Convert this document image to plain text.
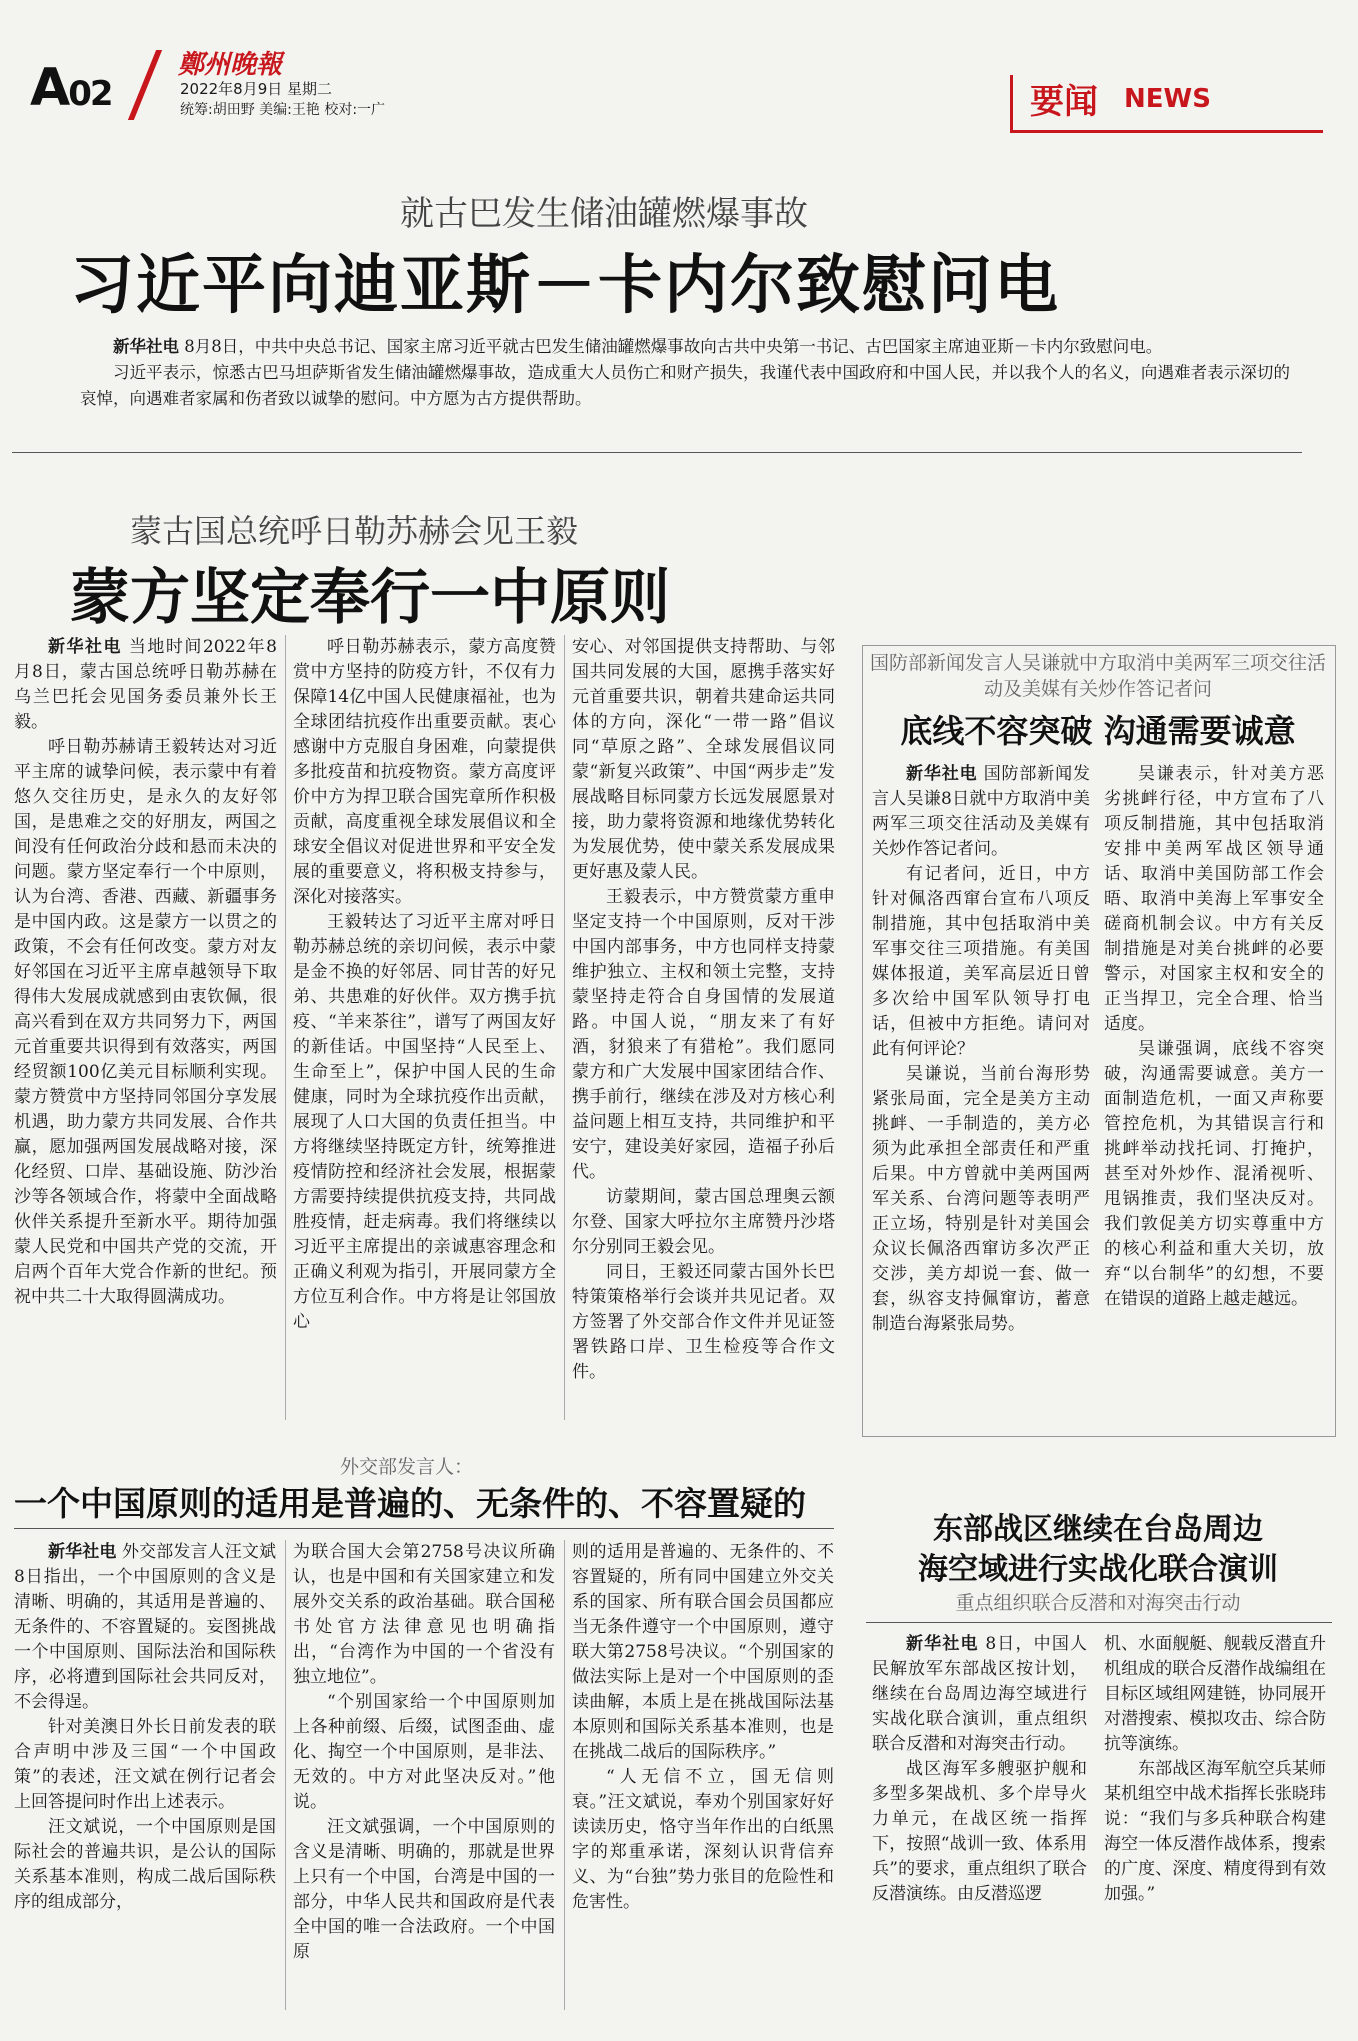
A02
鄭州晚報
2022年8月9日 星期二
统筹:胡田野 美编:王艳 校对:一广	要闻 NEWS
就古巴发生储油罐燃爆事故
习近平向迪亚斯－卡内尔致慰问电

新华社电 8月8日，中共中央总书记、国家主席习近平就古巴发生储油罐燃爆事故向古共中央第一书记、古巴国家主席迪亚斯－卡内尔致慰问电。

习近平表示，惊悉古巴马坦萨斯省发生储油罐燃爆事故，造成重大人员伤亡和财产损失，我谨代表中国政府和中国人民，并以我个人的名义，向遇难者表示深切的哀悼，向遇难者家属和伤者致以诚挚的慰问。中方愿为古方提供帮助。

蒙古国总统呼日勒苏赫会见王毅
蒙方坚定奉行一中原则

新华社电 当地时间2022年8月8日，蒙古国总统呼日勒苏赫在乌兰巴托会见国务委员兼外长王毅。

呼日勒苏赫请王毅转达对习近平主席的诚挚问候，表示蒙中有着悠久交往历史，是永久的友好邻国，是患难之交的好朋友，两国之间没有任何政治分歧和悬而未决的问题。蒙方坚定奉行一个中原则，认为台湾、香港、西藏、新疆事务是中国内政。这是蒙方一以贯之的政策，不会有任何改变。蒙方对友好邻国在习近平主席卓越领导下取得伟大发展成就感到由衷钦佩，很高兴看到在双方共同努力下，两国元首重要共识得到有效落实，两国经贸额100亿美元目标顺利实现。蒙方赞赏中方坚持同邻国分享发展机遇，助力蒙方共同发展、合作共赢，愿加强两国发展战略对接，深化经贸、口岸、基础设施、防沙治沙等各领域合作，将蒙中全面战略伙伴关系提升至新水平。期待加强蒙人民党和中国共产党的交流，开启两个百年大党合作新的世纪。预祝中共二十大取得圆满成功。

呼日勒苏赫表示，蒙方高度赞赏中方坚持的防疫方针，不仅有力保障14亿中国人民健康福祉，也为全球团结抗疫作出重要贡献。衷心感谢中方克服自身困难，向蒙提供多批疫苗和抗疫物资。蒙方高度评价中方为捍卫联合国宪章所作积极贡献，高度重视全球发展倡议和全球安全倡议对促进世界和平安全发展的重要意义，将积极支持参与，深化对接落实。

王毅转达了习近平主席对呼日勒苏赫总统的亲切问候，表示中蒙是金不换的好邻居、同甘苦的好兄弟、共患难的好伙伴。双方携手抗疫、“羊来茶往”，谱写了两国友好的新佳话。中国坚持“人民至上、生命至上”，保护中国人民的生命健康，同时为全球抗疫作出贡献，展现了人口大国的负责任担当。中方将继续坚持既定方针，统筹推进疫情防控和经济社会发展，根据蒙方需要持续提供抗疫支持，共同战胜疫情，赶走病毒。我们将继续以习近平主席提出的亲诚惠容理念和正确义利观为指引，开展同蒙方全方位互利合作。中方将是让邻国放心

安心、对邻国提供支持帮助、与邻国共同发展的大国，愿携手落实好元首重要共识，朝着共建命运共同体的方向，深化“一带一路”倡议同“草原之路”、全球发展倡议同蒙“新复兴政策”、中国“两步走”发展战略目标同蒙方长远发展愿景对接，助力蒙将资源和地缘优势转化为发展优势，使中蒙关系发展成果更好惠及蒙人民。

王毅表示，中方赞赏蒙方重申坚定支持一个中国原则，反对干涉中国内部事务，中方也同样支持蒙维护独立、主权和领土完整，支持蒙坚持走符合自身国情的发展道路。中国人说，“朋友来了有好酒，豺狼来了有猎枪”。我们愿同蒙方和广大发展中国家团结合作、携手前行，继续在涉及对方核心利益问题上相互支持，共同维护和平安宁，建设美好家园，造福子孙后代。

访蒙期间，蒙古国总理奥云额尔登、国家大呼拉尔主席赞丹沙塔尔分别同王毅会见。

同日，王毅还同蒙古国外长巴特策策格举行会谈并共见记者。双方签署了外交部合作文件并见证签署铁路口岸、卫生检疫等合作文件。

国防部新闻发言人吴谦就中方取消中美两军三项交往活动及美媒有关炒作答记者问
底线不容突破 沟通需要诚意

新华社电 国防部新闻发言人吴谦8日就中方取消中美两军三项交往活动及美媒有关炒作答记者问。

有记者问，近日，中方针对佩洛西窜台宣布八项反制措施，其中包括取消中美军事交往三项措施。有美国媒体报道，美军高层近日曾多次给中国军队领导打电话，但被中方拒绝。请问对此有何评论？

吴谦说，当前台海形势紧张局面，完全是美方主动挑衅、一手制造的，美方必须为此承担全部责任和严重后果。中方曾就中美两国两军关系、台湾问题等表明严正立场，特别是针对美国会众议长佩洛西窜访多次严正交涉，美方却说一套、做一套，纵容支持佩窜访，蓄意制造台海紧张局势。

吴谦表示，针对美方恶劣挑衅行径，中方宣布了八项反制措施，其中包括取消安排中美两军战区领导通话、取消中美国防部工作会晤、取消中美海上军事安全磋商机制会议。中方有关反制措施是对美台挑衅的必要警示，对国家主权和安全的正当捍卫，完全合理、恰当适度。

吴谦强调，底线不容突破，沟通需要诚意。美方一面制造危机，一面又声称要管控危机，为其错误言行和挑衅举动找托词、打掩护，甚至对外炒作、混淆视听、甩锅推责，我们坚决反对。我们敦促美方切实尊重中方的核心利益和重大关切，放弃“以台制华”的幻想，不要在错误的道路上越走越远。

外交部发言人：
一个中国原则的适用是普遍的、无条件的、不容置疑的

新华社电 外交部发言人汪文斌8日指出，一个中国原则的含义是清晰、明确的，其适用是普遍的、无条件的、不容置疑的。妄图挑战一个中国原则、国际法治和国际秩序，必将遭到国际社会共同反对，不会得逞。

针对美澳日外长日前发表的联合声明中涉及三国“一个中国政策”的表述，汪文斌在例行记者会上回答提问时作出上述表示。

汪文斌说，一个中国原则是国际社会的普遍共识，是公认的国际关系基本准则，构成二战后国际秩序的组成部分，

为联合国大会第2758号决议所确认，也是中国和有关国家建立和发展外交关系的政治基础。联合国秘书处官方法律意见也明确指出，“台湾作为中国的一个省没有独立地位”。

“个别国家给一个中国原则加上各种前缀、后缀，试图歪曲、虚化、掏空一个中国原则，是非法、无效的。中方对此坚决反对。”他说。

汪文斌强调，一个中国原则的含义是清晰、明确的，那就是世界上只有一个中国，台湾是中国的一部分，中华人民共和国政府是代表全中国的唯一合法政府。一个中国原

则的适用是普遍的、无条件的、不容置疑的，所有同中国建立外交关系的国家、所有联合国会员国都应当无条件遵守一个中国原则，遵守联大第2758号决议。“个别国家的做法实际上是对一个中国原则的歪读曲解，本质上是在挑战国际法基本原则和国际关系基本准则，也是在挑战二战后的国际秩序。”

“人无信不立，国无信则衰。”汪文斌说，奉劝个别国家好好读读历史，恪守当年作出的白纸黑字的郑重承诺，深刻认识背信弃义、为“台独”势力张目的危险性和危害性。

东部战区继续在台岛周边
海空域进行实战化联合演训
重点组织联合反潜和对海突击行动

新华社电 8日，中国人民解放军东部战区按计划，继续在台岛周边海空域进行实战化联合演训，重点组织联合反潜和对海突击行动。

战区海军多艘驱护舰和多型多架战机、多个岸导火力单元，在战区统一指挥下，按照“战训一致、体系用兵”的要求，重点组织了联合反潜演练。由反潜巡逻

机、水面舰艇、舰载反潜直升机组成的联合反潜作战编组在目标区域组网建链，协同展开对潜搜索、模拟攻击、综合防抗等演练。

东部战区海军航空兵某师某机组空中战术指挥长张晓玮说：“我们与多兵种联合构建海空一体反潜作战体系，搜索的广度、深度、精度得到有效加强。”
